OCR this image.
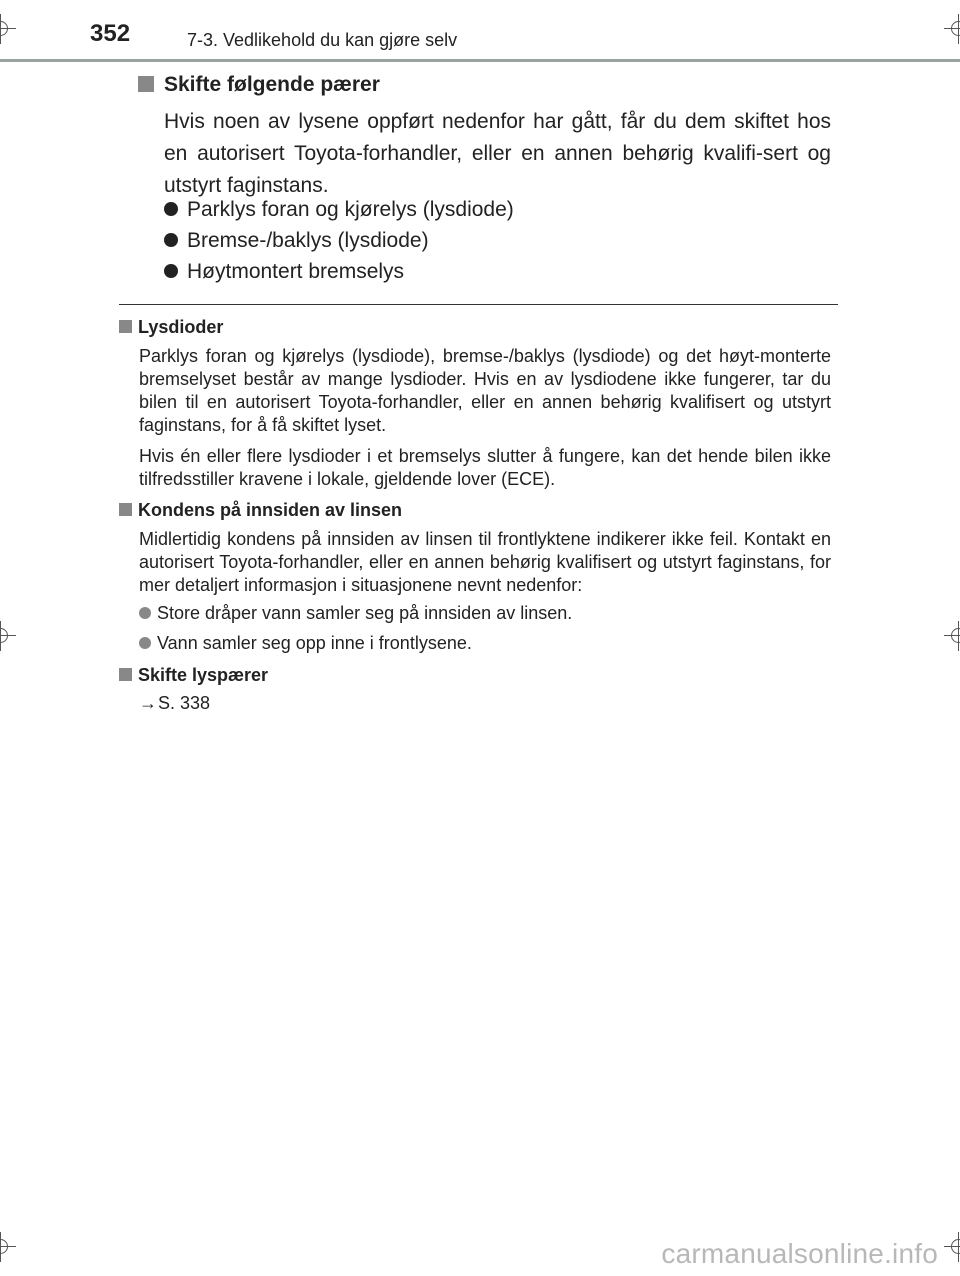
352	7-3. Vedlikehold du kan gjøre selv
Skifte følgende pærer
Hvis noen av lysene oppført nedenfor har gått, får du dem skiftet hos en autorisert Toyota-forhandler, eller en annen behørig kvalifi-sert og utstyrt faginstans.
Parklys foran og kjørelys (lysdiode)
Bremse-/baklys (lysdiode)
Høytmontert bremselys
Lysdioder
Parklys foran og kjørelys (lysdiode), bremse-/baklys (lysdiode) og det høyt-monterte bremselyset består av mange lysdioder. Hvis en av lysdiodene ikke fungerer, tar du bilen til en autorisert Toyota-forhandler, eller en annen behørig kvalifisert og utstyrt faginstans, for å få skiftet lyset.
Hvis én eller flere lysdioder i et bremselys slutter å fungere, kan det hende bilen ikke tilfredsstiller kravene i lokale, gjeldende lover (ECE).
Kondens på innsiden av linsen
Midlertidig kondens på innsiden av linsen til frontlyktene indikerer ikke feil. Kontakt en autorisert Toyota-forhandler, eller en annen behørig kvalifisert og utstyrt faginstans, for mer detaljert informasjon i situasjonene nevnt nedenfor:
Store dråper vann samler seg på innsiden av linsen.
Vann samler seg opp inne i frontlysene.
Skifte lyspærer
→S. 338
carmanualsonline.info
